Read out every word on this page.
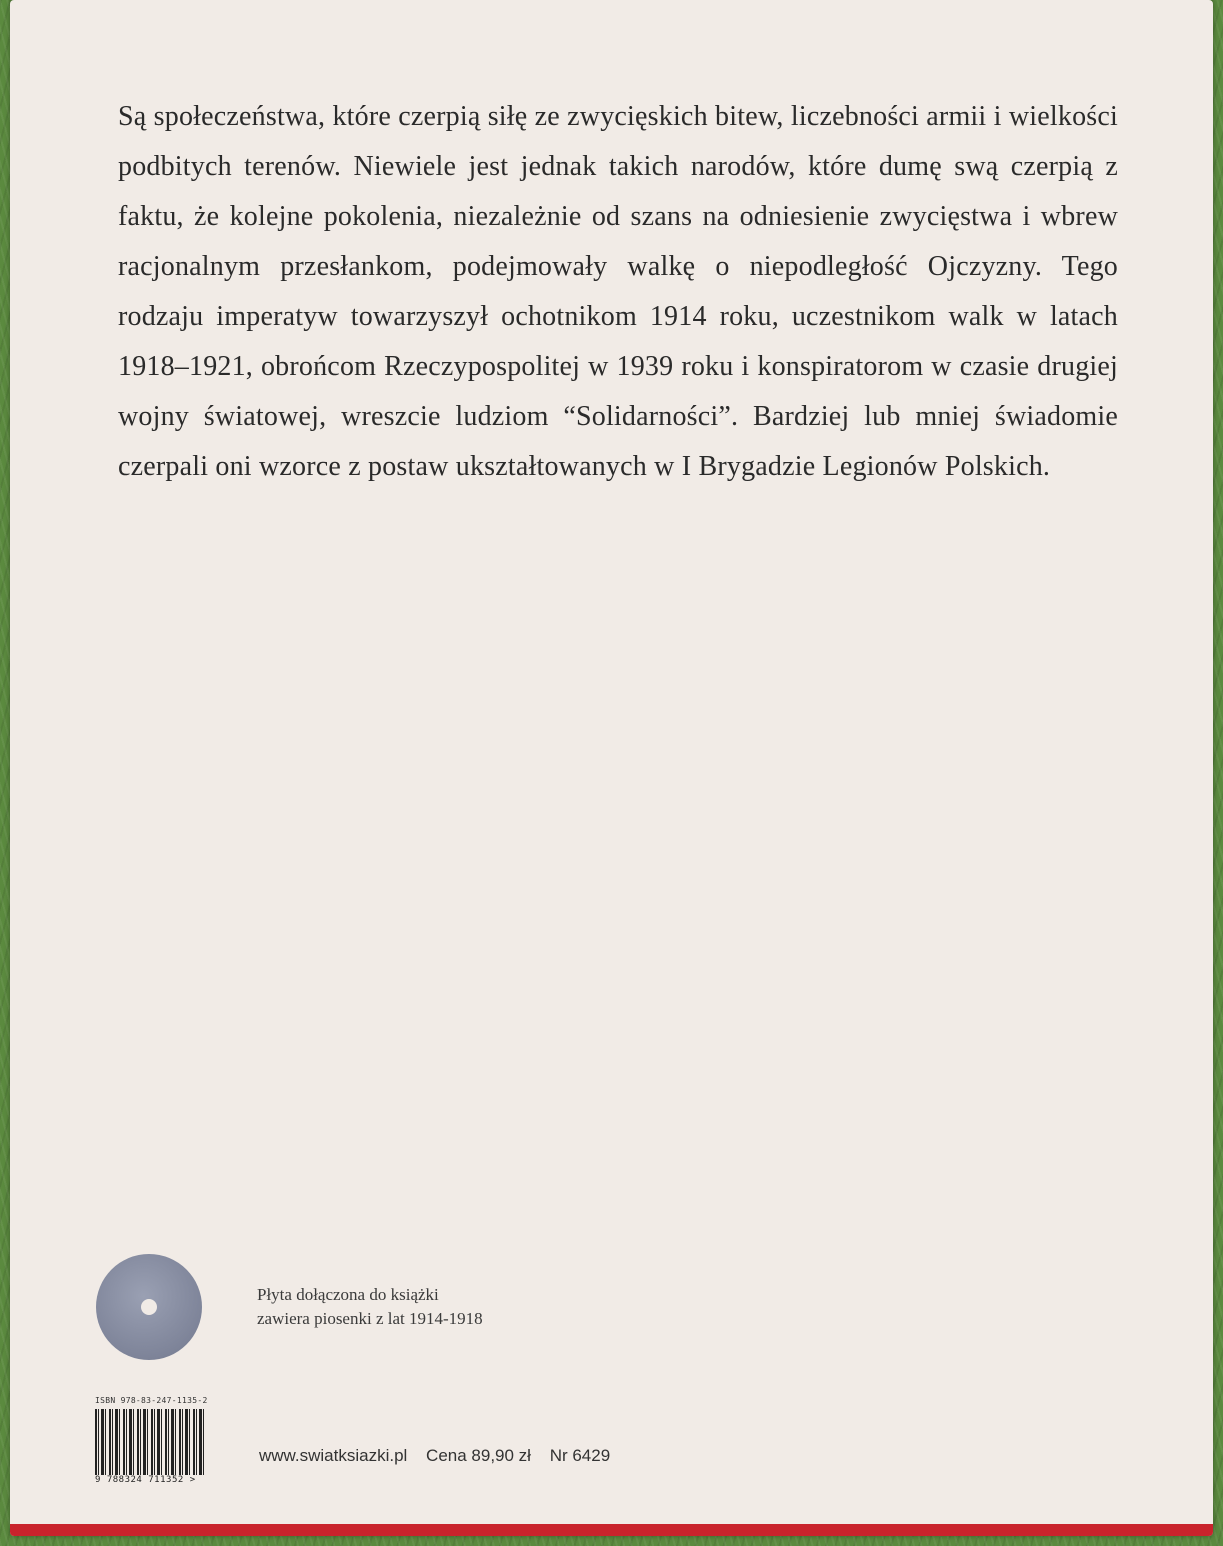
Są społeczeństwa, które czerpią siłę ze zwycięskich bitew, liczebności armii i wielkości podbitych terenów. Niewiele jest jednak takich narodów, które dumę swą czerpią z faktu, że kolejne pokolenia, niezależnie od szans na odniesienie zwycięstwa i wbrew racjonalnym przesłankom, podejmowały walkę o niepodległość Ojczyzny. Tego rodzaju imperatyw towarzyszył ochotnikom 1914 roku, uczestnikom walk w latach 1918–1921, obrońcom Rzeczypospolitej w 1939 roku i konspiratorom w czasie drugiej wojny światowej, wreszcie ludziom “Solidarności”. Bardziej lub mniej świadomie czerpali oni wzorce z postaw ukształtowanych w I Brygadzie Legionów Polskich.

Płyta dołączona do książki
zawiera piosenki z lat 1914-1918
ISBN 978-83-247-1135-2
9 788324 711352 >
www.swiatksiazki.pl Cena 89,90 zł Nr 6429
